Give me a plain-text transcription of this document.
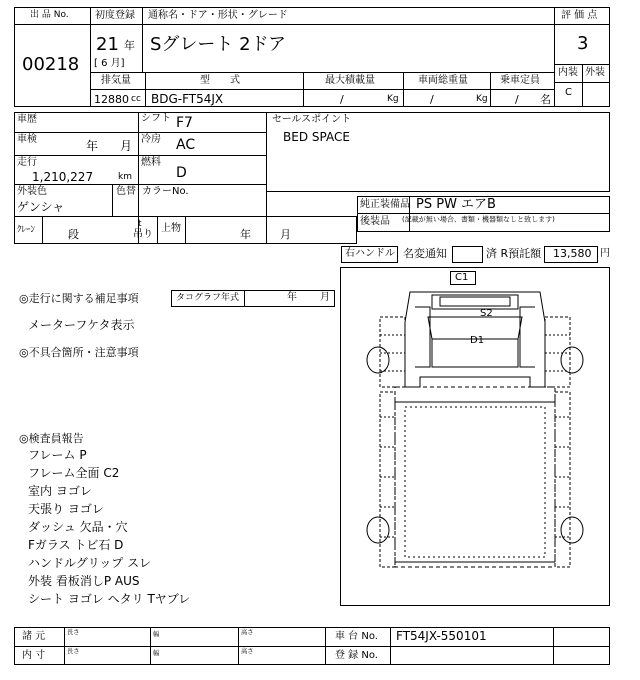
出 品 No.
00218
初度登録 通称名・ドア・形状・グレード
21 年
[ 6 月]
Sグレート 2ドア
評 価 点
3
内装 外装
C
排気量	型　　式	最大積載量	車両総重量	乗車定員
12880 cc BDG-FT54JX	/	Kg	/	Kg / 名
車歴	シフト F7
車検	年 月 冷房 AC
走行
1,210,227	km
燃料
D
外装色
ゲンシャ
色替 カラーNo.
ｸﾚｰﾝ	段
t
吊り
上物	年	月
セールスポイント
BED SPACE
純正装備品 PS PW エアB
後装品 (記載が無い場合、書類・機器類なしと致します)
右ハンドル 名変通知	済 R預託額 13,580 円
◎走行に関する補足事項	タコグラフ年式	年 月
メーターフケタ表示
◎不具合箇所・注意事項
◎検査員報告
フレーム P
フレーム全面 C2
室内 ヨゴレ
天張り ヨゴレ
ダッシュ 欠品・穴
Fガラス トビ石 D
ハンドルグリップ スレ
外装 看板消しP AUS
シート ヨゴレ ヘタリ Tヤブレ
C1
S2
D1
諸 元
内 寸
長さ	幅	高さ
長さ	幅	高さ
車 台 No. FT54JX-550101
登 録 No.
